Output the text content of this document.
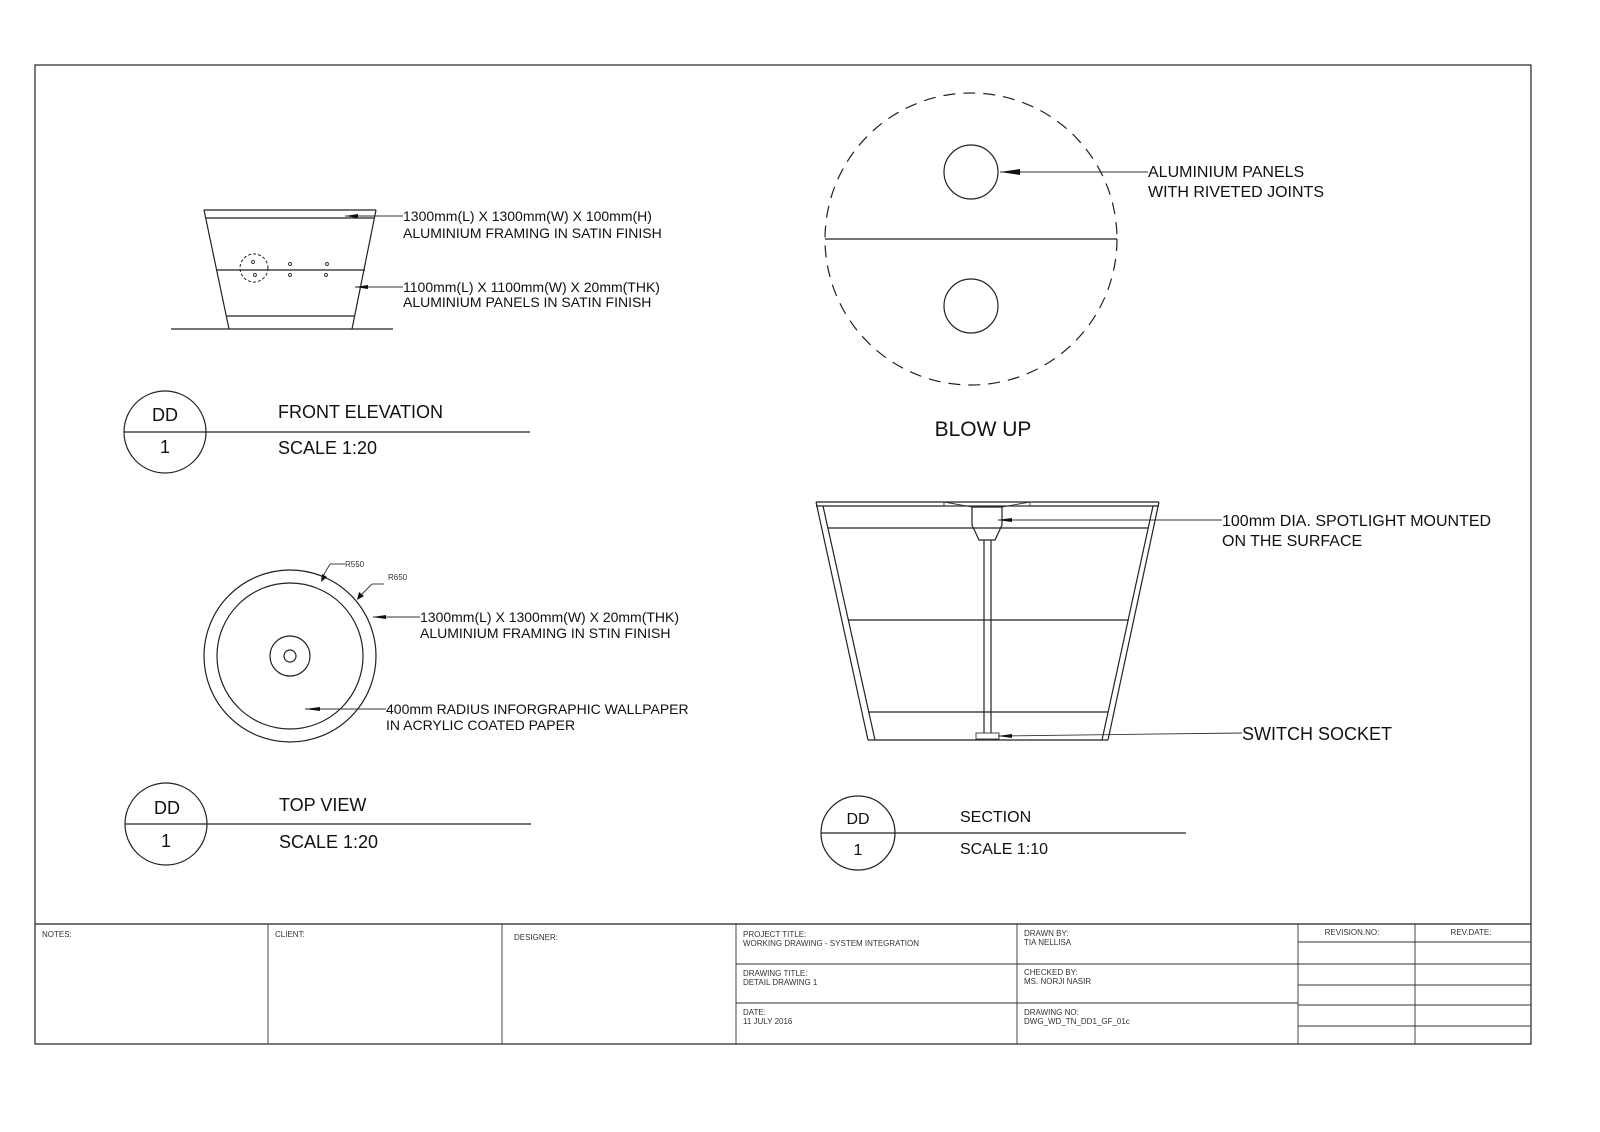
1300mm(L) X 1300mm(W) X 100mm(H)
ALUMINIUM FRAMING IN SATIN FINISH
1100mm(L) X 1100mm(W) X 20mm(THK)
ALUMINIUM PANELS IN SATIN FINISH
DD
1
FRONT ELEVATION
SCALE 1:20
ALUMINIUM PANELS
WITH RIVETED JOINTS
BLOW UP
R550
R650
1300mm(L) X 1300mm(W) X 20mm(THK)
ALUMINIUM FRAMING IN STIN FINISH
400mm RADIUS INFORGRAPHIC WALLPAPER
IN ACRYLIC COATED PAPER
DD
1
TOP VIEW
SCALE 1:20
100mm DIA. SPOTLIGHT MOUNTED
ON THE SURFACE
SWITCH SOCKET
DD
1
SECTION
SCALE 1:10
NOTES:	CLIENT:	DESIGNER:	PROJECT TITLE:
WORKING DRAWING - SYSTEM INTEGRATION
DRAWING TITLE:
DETAIL DRAWING 1
DATE:
11 JULY 2016
DRAWN BY:
TIA NELLISA
CHECKED BY:
MS. NORJI NASIR
DRAWING NO:
DWG_WD_TN_DD1_GF_01c
REVISION.NO:	REV.DATE:
